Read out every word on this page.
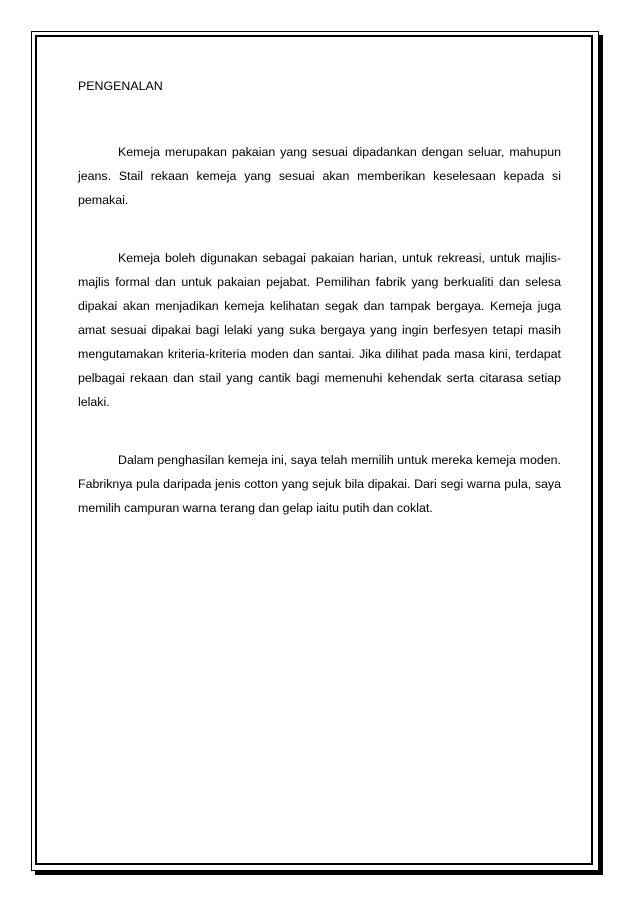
PENGENALAN

Kemeja merupakan pakaian yang sesuai dipadankan dengan seluar, mahupun jeans. Stail rekaan kemeja yang sesuai akan memberikan keselesaan kepada si pemakai.

Kemeja boleh digunakan sebagai pakaian harian, untuk rekreasi, untuk majlis-majlis formal dan untuk pakaian pejabat. Pemilihan fabrik yang berkualiti dan selesa dipakai akan menjadikan kemeja kelihatan segak dan tampak bergaya. Kemeja juga amat sesuai dipakai bagi lelaki yang suka bergaya yang ingin berfesyen tetapi masih mengutamakan kriteria-kriteria moden dan santai. Jika dilihat pada masa kini, terdapat pelbagai rekaan dan stail yang cantik bagi memenuhi kehendak serta citarasa setiap lelaki.

Dalam penghasilan kemeja ini, saya telah memilih untuk mereka kemeja moden. Fabriknya pula daripada jenis cotton yang sejuk bila dipakai. Dari segi warna pula, saya memilih campuran warna terang dan gelap iaitu putih dan coklat.
